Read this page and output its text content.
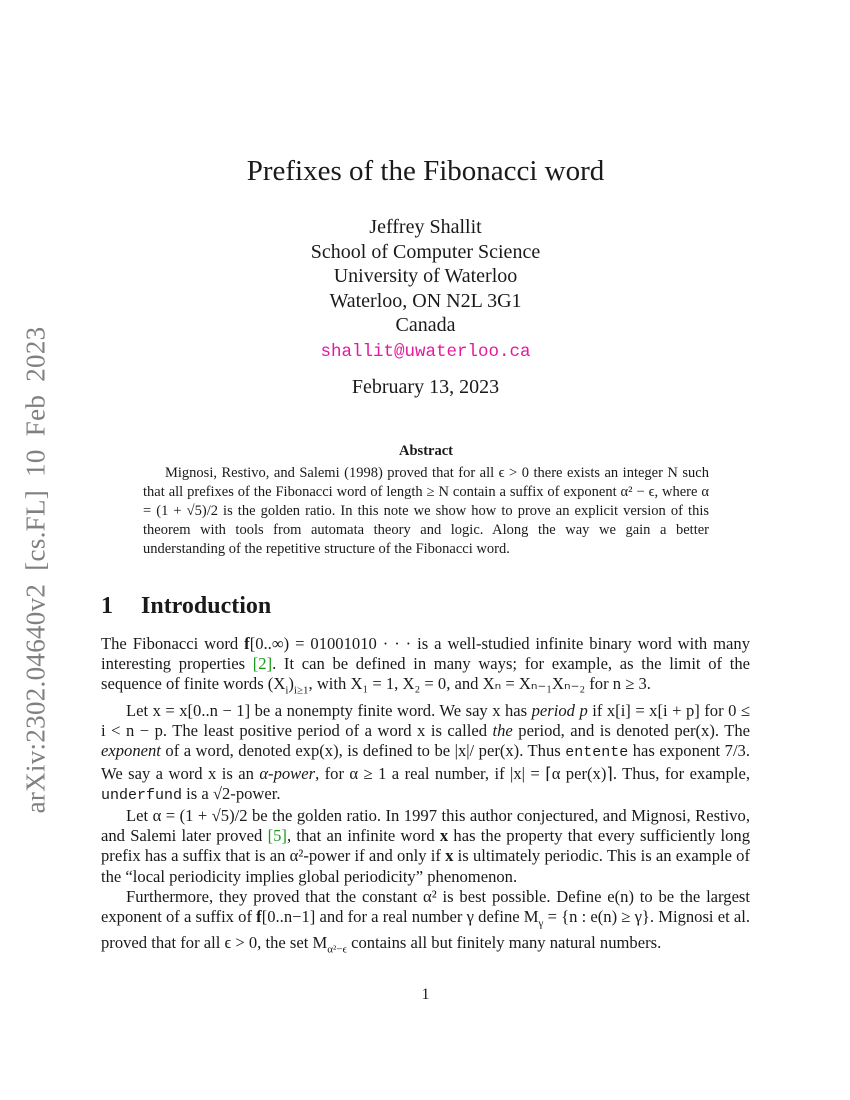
arXiv:2302.04640v2 [cs.FL] 10 Feb 2023
Prefixes of the Fibonacci word
Jeffrey Shallit
School of Computer Science
University of Waterloo
Waterloo, ON N2L 3G1
Canada
shallit@uwaterloo.ca
February 13, 2023
Abstract
Mignosi, Restivo, and Salemi (1998) proved that for all ϵ > 0 there exists an integer N such that all prefixes of the Fibonacci word of length ≥ N contain a suffix of exponent α² − ϵ, where α = (1 + √5)/2 is the golden ratio. In this note we show how to prove an explicit version of this theorem with tools from automata theory and logic. Along the way we gain a better understanding of the repetitive structure of the Fibonacci word.
1 Introduction

The Fibonacci word f[0..∞) = 01001010 · · · is a well-studied infinite binary word with many interesting properties [2]. It can be defined in many ways; for example, as the limit of the sequence of finite words $(X_i)_{i\ge 1}$, with X₁ = 1, X₂ = 0, and Xₙ = Xₙ₋₁Xₙ₋₂ for n ≥ 3.

Let x = x[0..n − 1] be a nonempty finite word. We say x has period p if x[i] = x[i + p] for 0 ≤ i < n − p. The least positive period of a word x is called the period, and is denoted per(x). The exponent of a word, denoted exp(x), is defined to be |x|/ per(x). Thus entente has exponent 7/3. We say a word x is an α-power, for α ≥ 1 a real number, if |x| = ⌈α per(x)⌉. Thus, for example, underfund is a √2-power.

Let α = (1 + √5)/2 be the golden ratio. In 1997 this author conjectured, and Mignosi, Restivo, and Salemi later proved [5], that an infinite word x has the property that every sufficiently long prefix has a suffix that is an α²-power if and only if x is ultimately periodic. This is an example of the “local periodicity implies global periodicity” phenomenon.

Furthermore, they proved that the constant α² is best possible. Define e(n) to be the largest exponent of a suffix of f[0..n−1] and for a real number γ define $M_\gamma = \{n$ : e(n) ≥ γ}. Mignosi et al. proved that for all ϵ > 0, the set $M_{\alpha^2-\epsilon}$ contains all but finitely many natural numbers.

1
